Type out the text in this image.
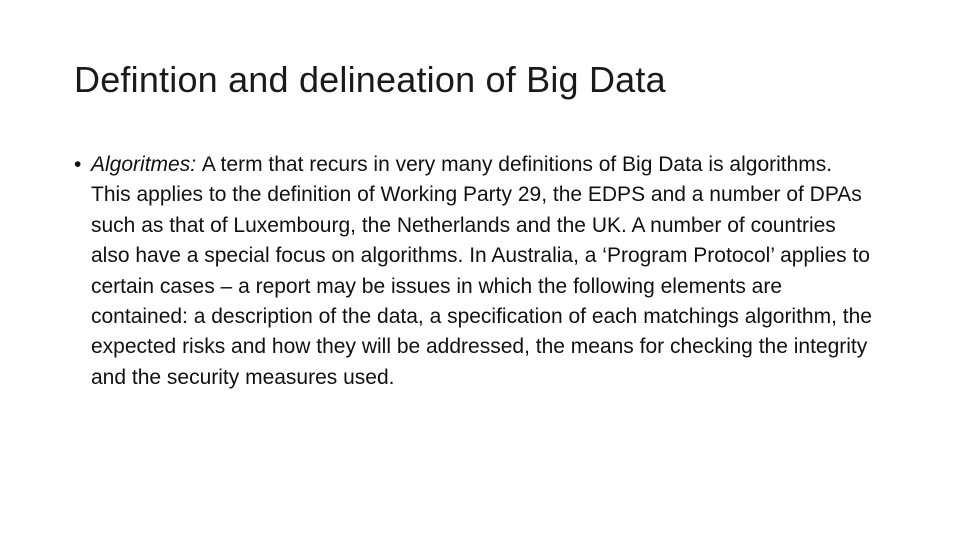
Defintion and delineation of Big Data
• Algoritmes: A term that recurs in very many definitions of Big Data is algorithms. This applies to the definition of Working Party 29, the EDPS and a number of DPAs such as that of Luxembourg, the Netherlands and the UK. A number of countries also have a special focus on algorithms. In Australia, a ‘Program Protocol’ applies to certain cases – a report may be issues in which the following elements are contained: a description of the data, a specification of each matchings algorithm, the expected risks and how they will be addressed, the means for checking the integrity and the security measures used.
